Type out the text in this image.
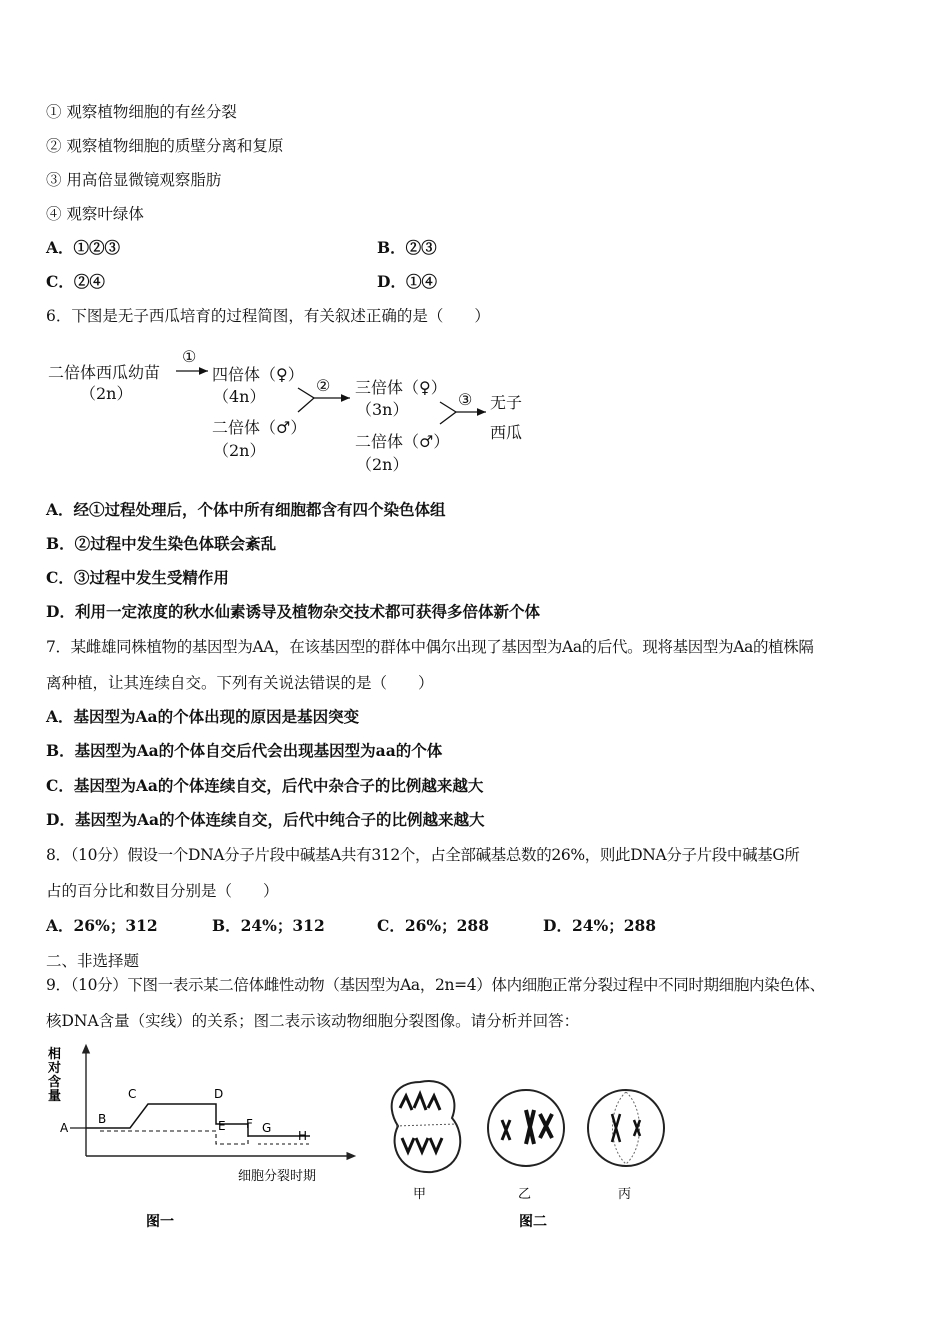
① 观察植物细胞的有丝分裂
② 观察植物细胞的质壁分离和复原
③ 用高倍显微镜观察脂肪
④ 观察叶绿体
A．①②③	B．②③
C．②④	D．①④
6．下图是无子西瓜培育的过程简图，有关叙述正确的是（　　）
二倍体西瓜幼苗
（2n）
①
四倍体（♀）
（4n）
二倍体（♂）
（2n）
② 三倍体（♀）
（3n）
二倍体（♂）
（2n）
③ 无子
西瓜
A．经①过程处理后，个体中所有细胞都含有四个染色体组
B．②过程中发生染色体联会紊乱
C．③过程中发生受精作用
D．利用一定浓度的秋水仙素诱导及植物杂交技术都可获得多倍体新个体
7．某雌雄同株植物的基因型为AA，在该基因型的群体中偶尔出现了基因型为Aa的后代。现将基因型为Aa的植株隔
离种植，让其连续自交。下列有关说法错误的是（　　）
A．基因型为Aa的个体出现的原因是基因突变
B．基因型为Aa的个体自交后代会出现基因型为aa的个体
C．基因型为Aa的个体连续自交，后代中杂合子的比例越来越大
D．基因型为Aa的个体连续自交，后代中纯合子的比例越来越大
8．（10分）假设一个DNA分子片段中碱基A共有312个，占全部碱基总数的26%，则此DNA分子片段中碱基G所
占的百分比和数目分别是（　　）
A．26%；312	B．24%；312	C．26%；288	D．24%；288
二、非选择题
9．（10分）下图一表示某二倍体雌性动物（基因型为Aa，2n=4）体内细胞正常分裂过程中不同时期细胞内染色体、
核DNA含量（实线）的关系；图二表示该动物细胞分裂图像。请分析并回答：
相
对
含
量
A
B
C	D
E F G
H
细胞分裂时期
图一
甲	乙	丙
图二
